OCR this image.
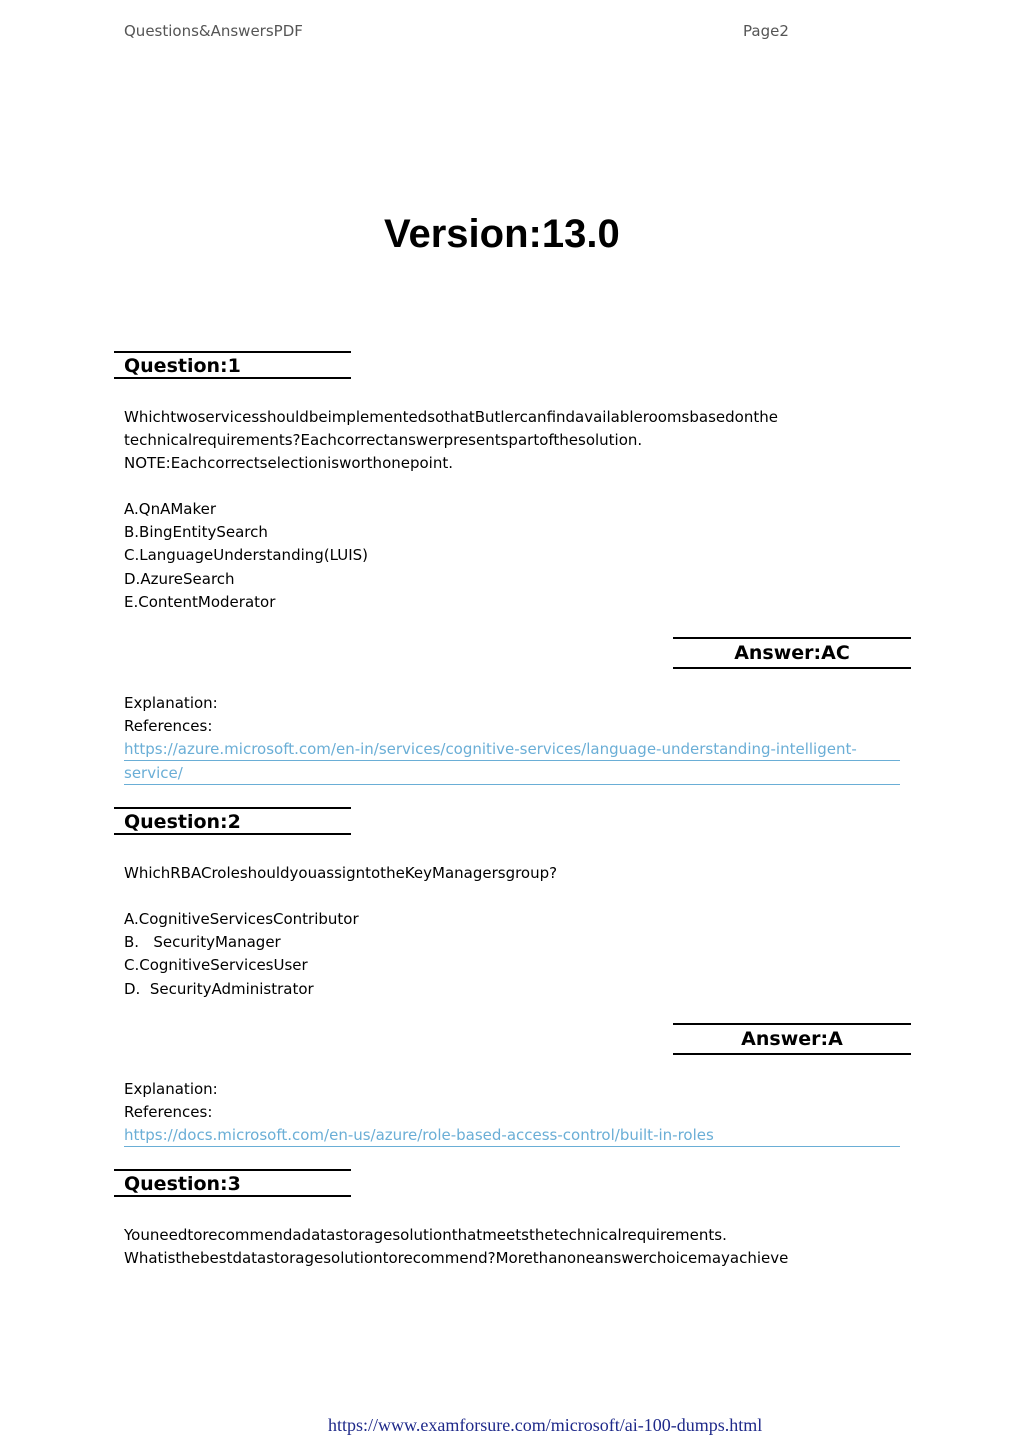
Questions&AnswersPDF	Page2
Version:13.0
Question:1
WhichtwoservicesshouldbeimplementedsothatButlercanfindavailableroomsbasedonthe
technicalrequirements?Eachcorrectanswerpresentspartofthesolution.
NOTE:Eachcorrectselectionisworthonepoint.
A.QnAMaker
B.BingEntitySearch
C.LanguageUnderstanding(LUIS)
D.AzureSearch
E.ContentModerator
Answer:AC
Explanation:
References:
https://azure.microsoft.com/en-in/services/cognitive-services/language-understanding-intelligent-
service/
Question:2
WhichRBACroleshouldyouassigntotheKeyManagersgroup?
A.CognitiveServicesContributor
B.   SecurityManager
C.CognitiveServicesUser
D.  SecurityAdministrator
Answer:A
Explanation:
References:
https://docs.microsoft.com/en-us/azure/role-based-access-control/built-in-roles
Question:3
Youneedtorecommendadatastoragesolutionthatmeetsthetechnicalrequirements.
Whatisthebestdatastoragesolutiontorecommend?Morethanoneanswerchoicemayachieve
https://www.examforsure.com/microsoft/ai-100-dumps.html
